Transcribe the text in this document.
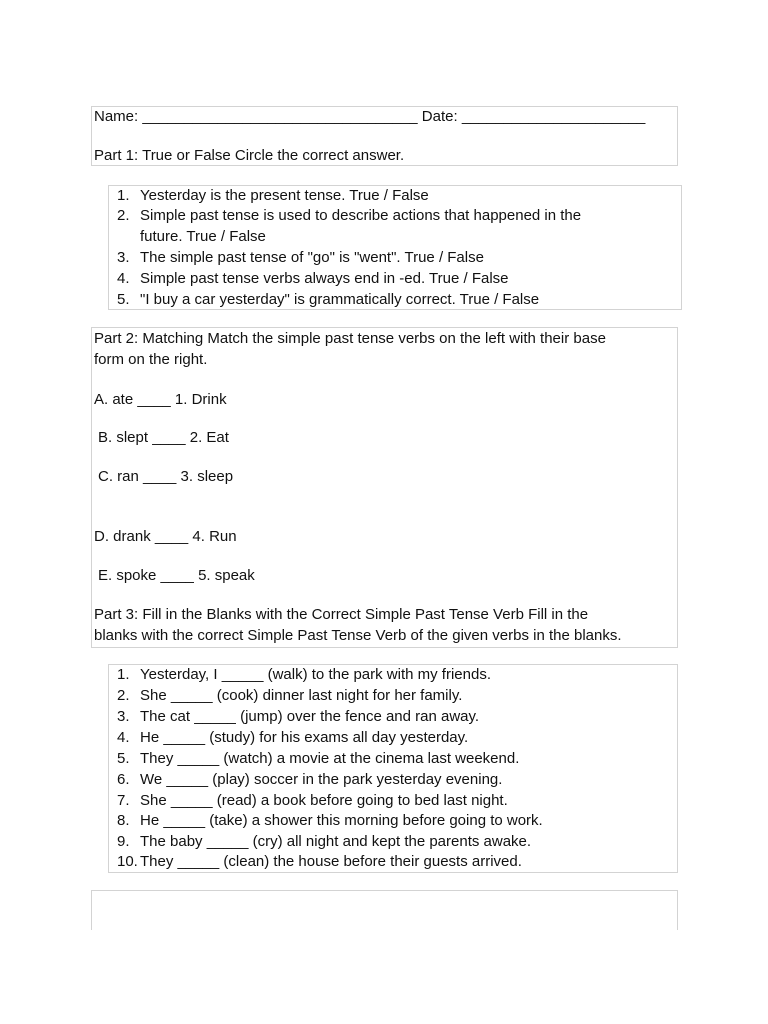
Name: _________________________________ Date: ______________________
Part 1: True or False Circle the correct answer.
1. Yesterday is the present tense. True / False
2. Simple past tense is used to describe actions that happened in the
future. True / False
3. The simple past tense of "go" is "went". True / False
4. Simple past tense verbs always end in -ed. True / False
5. "I buy a car yesterday" is grammatically correct. True / False
Part 2: Matching Match the simple past tense verbs on the left with their base
form on the right.
A. ate ____ 1. Drink
B. slept ____ 2. Eat
C. ran ____ 3. sleep
D. drank ____ 4. Run
E. spoke ____ 5. speak
Part 3: Fill in the Blanks with the Correct Simple Past Tense Verb Fill in the
blanks with the correct Simple Past Tense Verb of the given verbs in the blanks.
1. Yesterday, I _____ (walk) to the park with my friends.
2. She _____ (cook) dinner last night for her family.
3. The cat _____ (jump) over the fence and ran away.
4. He _____ (study) for his exams all day yesterday.
5. They _____ (watch) a movie at the cinema last weekend.
6. We _____ (play) soccer in the park yesterday evening.
7. She _____ (read) a book before going to bed last night.
8. He _____ (take) a shower this morning before going to work.
9. The baby _____ (cry) all night and kept the parents awake.
10. They _____ (clean) the house before their guests arrived.
